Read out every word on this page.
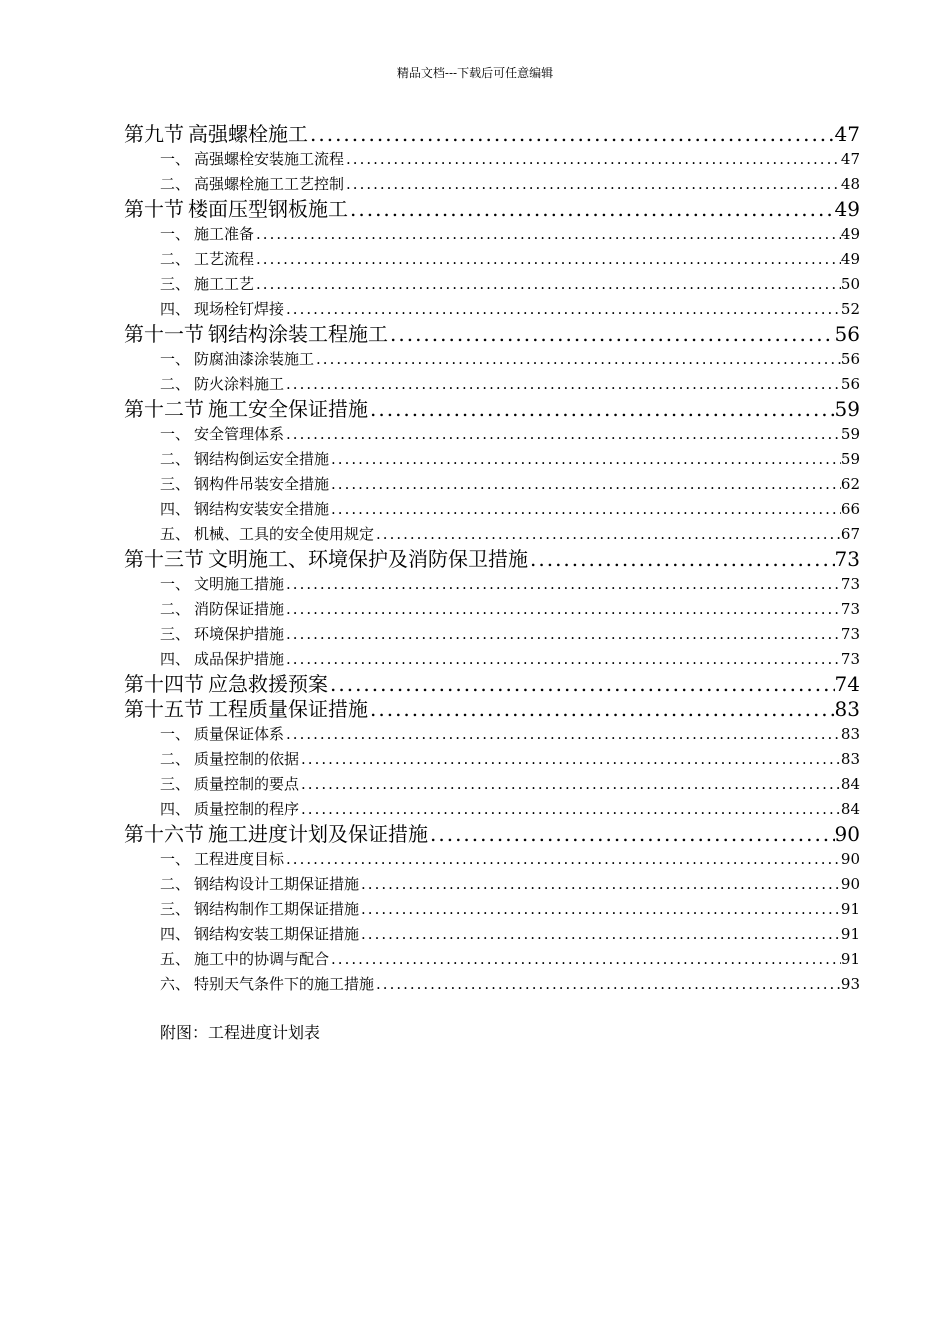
精品文档---下载后可任意编辑
第九节 高强螺栓施工 .....	47
一、 高强螺栓安装施工流程 .....	47
二、 高强螺栓施工工艺控制 .....	48
第十节 楼面压型钢板施工 .....	49
一、 施工准备 .....	49
二、 工艺流程 .....	49
三、 施工工艺 .....	50
四、 现场栓钉焊接 .....	52
第十一节 钢结构涂装工程施工 .....	56
一、 防腐油漆涂装施工 .....	56
二、 防火涂料施工 .....	56
第十二节 施工安全保证措施 .....	59
一、 安全管理体系 .....	59
二、 钢结构倒运安全措施 .....	59
三、 钢构件吊装安全措施 .....	62
四、 钢结构安装安全措施 .....	66
五、 机械、工具的安全使用规定 .....	67
第十三节 文明施工、环境保护及消防保卫措施 .....	73
一、 文明施工措施 .....	73
二、 消防保证措施 .....	73
三、 环境保护措施 .....	73
四、 成品保护措施 .....	73
第十四节 应急救援预案 .....	74
第十五节 工程质量保证措施 .....	83
一、 质量保证体系 .....	83
二、 质量控制的依据 .....	83
三、 质量控制的要点 .....	84
四、 质量控制的程序 .....	84
第十六节 施工进度计划及保证措施 .....	90
一、 工程进度目标 .....	90
二、 钢结构设计工期保证措施 .....	90
三、 钢结构制作工期保证措施 .....	91
四、 钢结构安装工期保证措施 .....	91
五、 施工中的协调与配合 .....	91
六、 特别天气条件下的施工措施 .....	93
附图：工程进度计划表
